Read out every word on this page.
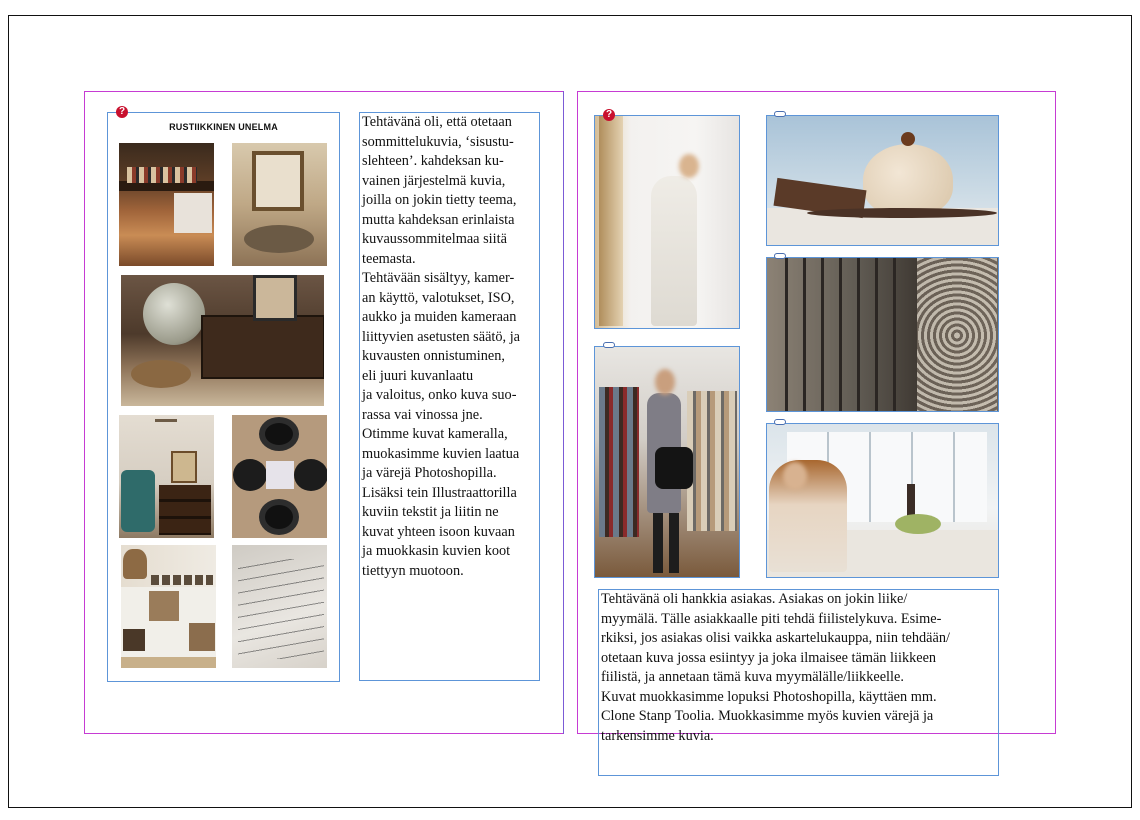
RUSTIIKKINEN UNELMA
?
Tehtävänä oli, että otetaan
sommittelukuvia, ‘sisustu-
slehteen’. kahdeksan ku-
vainen järjestelmä kuvia,
joilla on jokin tietty teema,
mutta kahdeksan erinlaista
kuvaussommitelmaa siitä
teemasta.
Tehtävään sisältyy, kamer-
an käyttö, valotukset, ISO,
aukko ja muiden kameraan
liittyvien asetusten säätö, ja
kuvausten onnistuminen,
eli juuri kuvanlaatu
ja valoitus, onko kuva suo-
rassa vai vinossa jne.
Otimme kuvat kameralla,
muokasimme kuvien laatua
ja värejä Photoshopilla.
Lisäksi tein Illustraattorilla
kuviin tekstit ja liitin ne
kuvat yhteen isoon kuvaan
ja muokkasin kuvien koot
tiettyyn muotoon.
?
Tehtävänä oli hankkia asiakas. Asiakas on jokin liike/
myymälä. Tälle asiakkaalle piti tehdä fiilistelykuva. Esime-
rkiksi, jos asiakas olisi vaikka askartelukauppa, niin tehdään/
otetaan kuva jossa esiintyy ja joka ilmaisee tämän liikkeen
fiilistä, ja annetaan tämä kuva myymälälle/liikkeelle.
Kuvat muokkasimme lopuksi Photoshopilla, käyttäen mm.
Clone Stanp Toolia. Muokkasimme myös kuvien värejä ja
tarkensimme kuvia.
